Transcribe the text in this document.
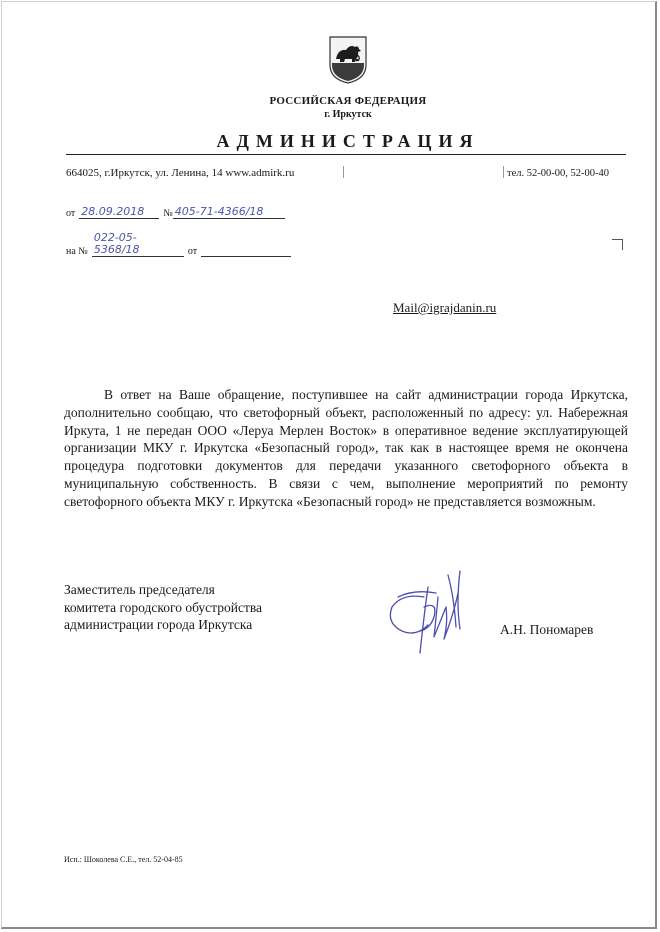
РОССИЙСКАЯ ФЕДЕРАЦИЯ
г. Иркутск
АДМИНИСТРАЦИЯ
664025, г.Иркутск, ул. Ленина, 14 www.admirk.ru	тел. 52-00-00, 52-00-40
от 28.09.2018	№ 405-71-4366/18
на №
022-05-5368/18	от
Mail@igrajdanin.ru

В ответ на Ваше обращение, поступившее на сайт администрации города Иркутска, дополнительно сообщаю, что светофорный объект, расположенный по адресу: ул. Набережная Иркута, 1 не передан ООО «Леруа Мерлен Восток» в оперативное ведение эксплуатирующей организации МКУ г. Иркутска «Безопасный город», так как в настоящее время не окончена процедура подготовки документов для передачи указанного светофорного объекта в муниципальную собственность. В связи с чем, выполнение мероприятий по ремонту светофорного объекта МКУ г. Иркутска «Безопасный город» не представляется возможным.

Заместитель председателя
комитета городского обустройства
администрации города Иркутска	А.Н. Пономарев
Исп.: Шоколева С.Е., тел. 52-04-85
